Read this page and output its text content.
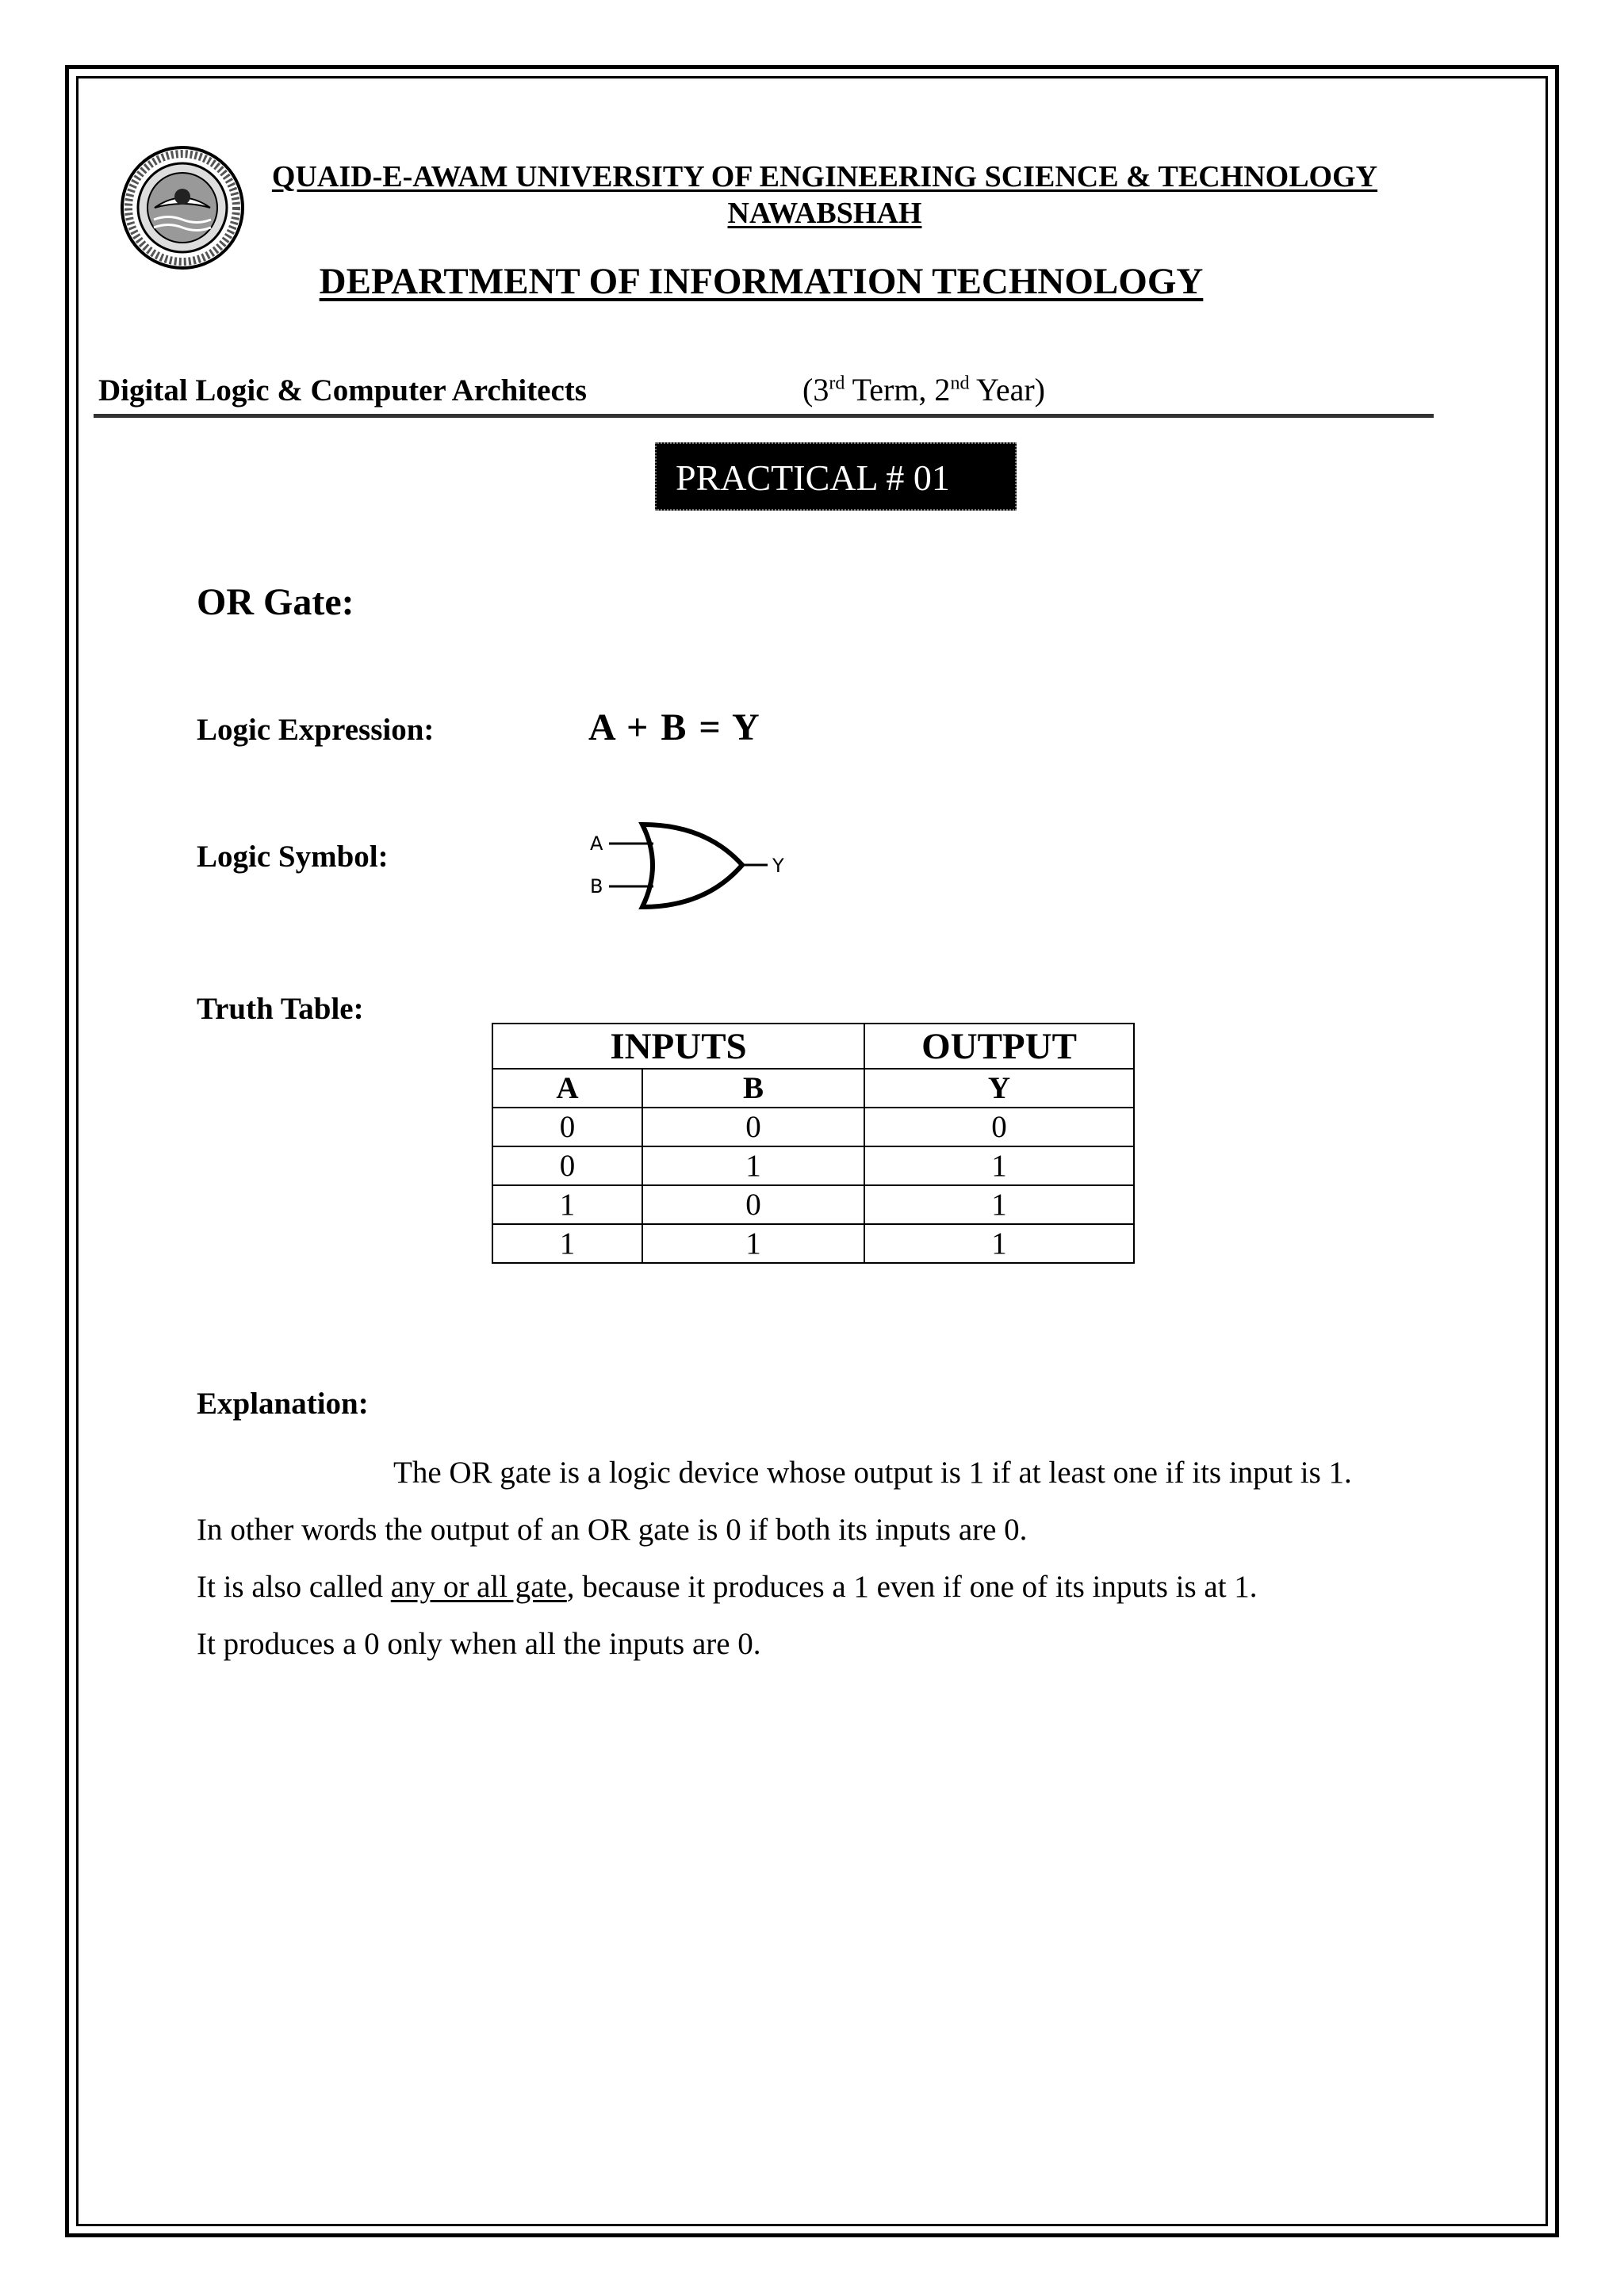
QUAID-E-AWAM UNIVERSITY OF ENGINEERING SCIENCE & TECHNOLOGY
NAWABSHAH
DEPARTMENT OF INFORMATION TECHNOLOGY
Digital Logic & Computer Architects	(3rd Term, 2nd Year)
PRACTICAL # 01
OR Gate:
Logic Expression:	A + B = Y
Logic Symbol:	A
B
Y
Truth Table:
INPUTS		OUTPUT
A	B	Y
0	0	0
0	1	1
1	0	1
1	1	1
Explanation:

The OR gate is a logic device whose output is 1 if at least one if its input is 1.

In other words the output of an OR gate is 0 if both its inputs are 0.

It is also called any or all gate, because it produces a 1 even if one of its inputs is at 1.

It produces a 0 only when all the inputs are 0.
